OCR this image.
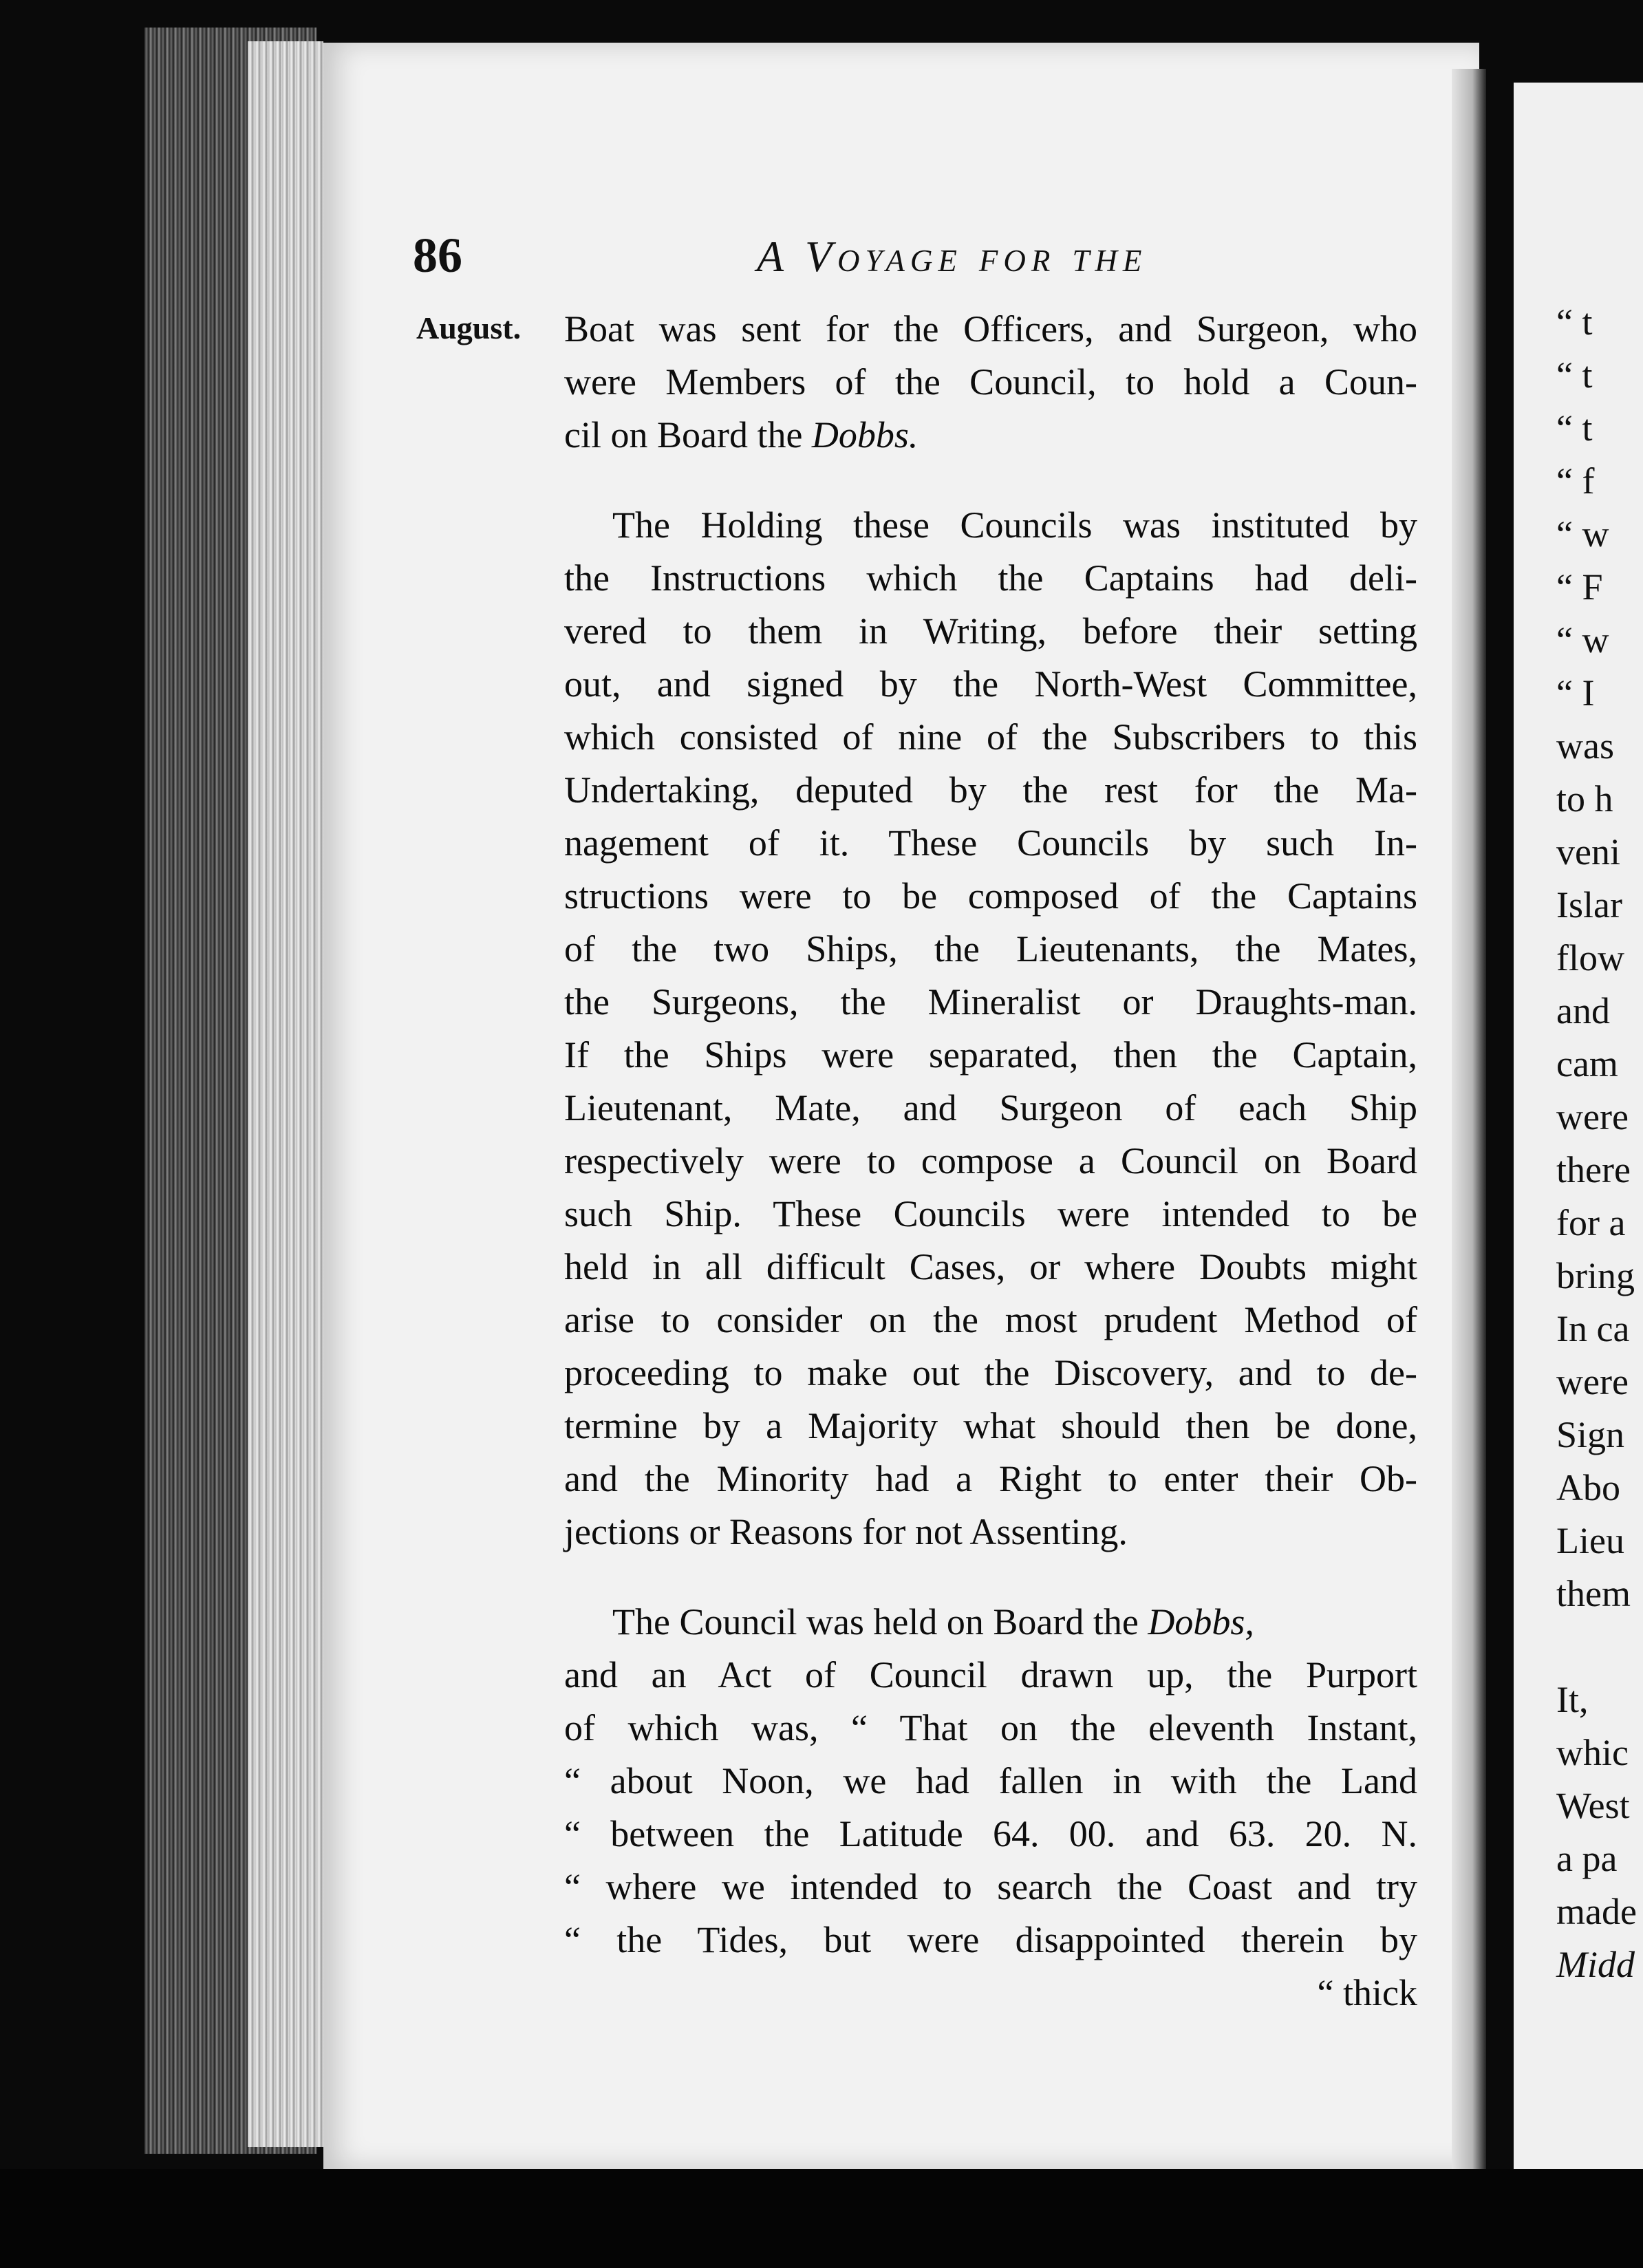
86	A Voyage for the
August. Boat was sent for the Officers, and Surgeon, who
were Members of the Council, to hold a Coun-
cil on Board the Dobbs.
The Holding these Councils was instituted by
the Instructions which the Captains had deli-
vered to them in Writing, before their setting
out, and signed by the North-West Committee,
which consisted of nine of the Subscribers to this
Undertaking, deputed by the rest for the Ma-
nagement of it. These Councils by such In-
structions were to be composed of the Captains
of the two Ships, the Lieutenants, the Mates,
the Surgeons, the Mineralist or Draughts-man.
If the Ships were separated, then the Captain,
Lieutenant, Mate, and Surgeon of each Ship
respectively were to compose a Council on Board
such Ship. These Councils were intended to be
held in all difficult Cases, or where Doubts might
arise to consider on the most prudent Method of
proceeding to make out the Discovery, and to de-
termine by a Majority what should then be done,
and the Minority had a Right to enter their Ob-
jections or Reasons for not Assenting.
The Council was held on Board the Dobbs,
and an Act of Council drawn up, the Purport
of which was, “ That on the eleventh Instant,
“ about Noon, we had fallen in with the Land
“ between the Latitude 64. 00. and 63. 20. N.
“ where we intended to search the Coast and try
“ the Tides, but were disappointed therein by
“ thick
“ t
“ t
“ t
“ f
“ w
“ F
“ w
“ I
was
to h
veni
Islar
flow
and
cam
were
there
for a
bring
In ca
were
Sign
Abo
Lieu
them
It,
whic
West
a pa
made
Midd
